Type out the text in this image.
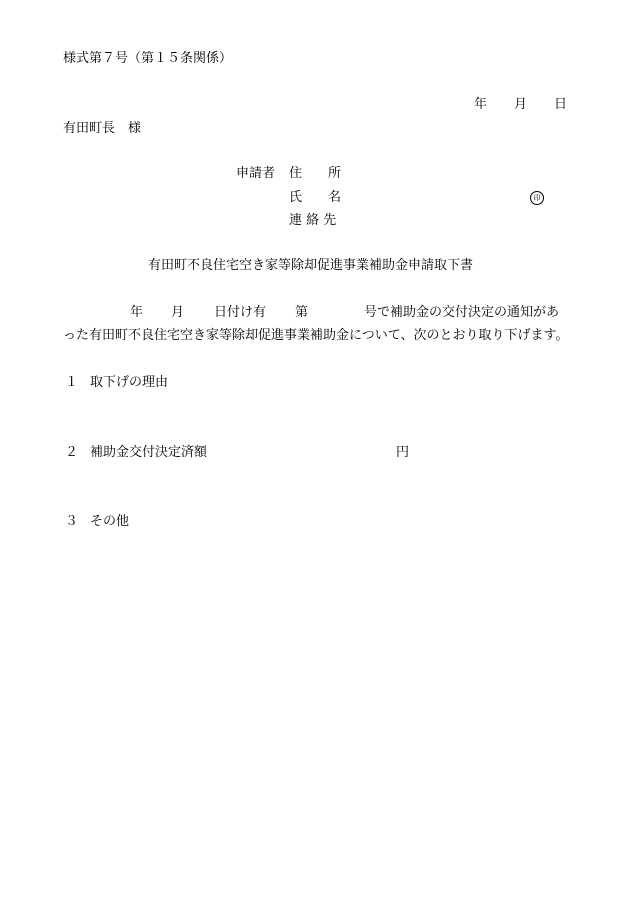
様式第７号（第１５条関係）
年 月 日
有田町長　様
申請者 住　　所
氏　　名	印
連 絡 先
有田町不良住宅空き家等除却促進事業補助金申請取下書
年 月 日付け有 第	号で補助金の交付決定の通知があ
った有田町不良住宅空き家等除却促進事業補助金について、次のとおり取り下げます。
１ 取下げの理由
２ 補助金交付決定済額	円
３ その他
